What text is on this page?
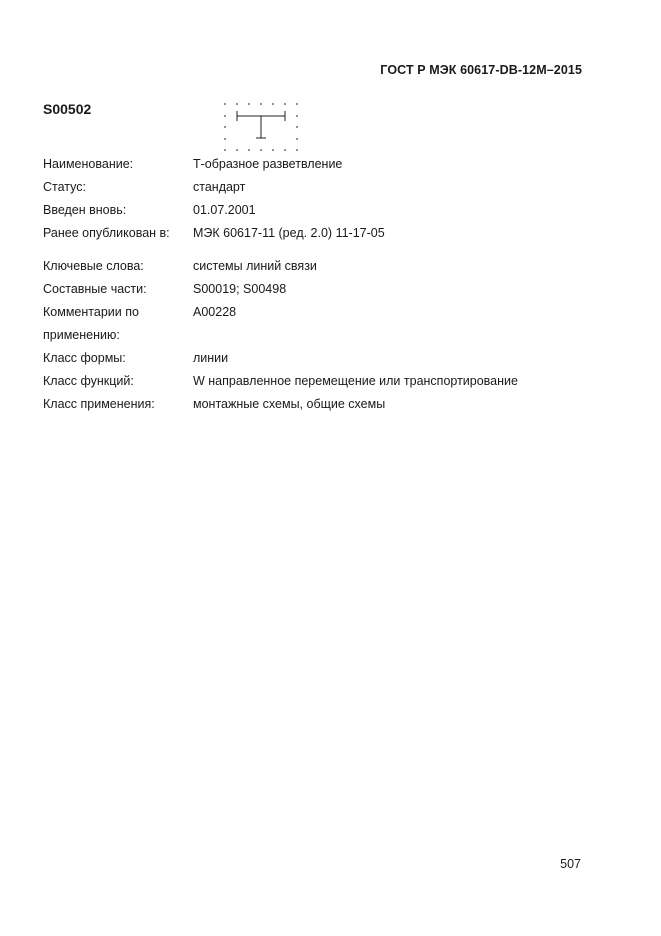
ГОСТ Р МЭК 60617-DB-12M–2015
S00502
Наименование:	Т-образное разветвление
Статус:	стандарт
Введен вновь:	01.07.2001
Ранее опубликован в:	МЭК 60617-11 (ред. 2.0) 11-17-05

Ключевые слова:	системы линий связи
Составные части:	S00019; S00498
Комментарии по	А00228
применению:	
Класс формы:	линии
Класс функций:	W направленное перемещение или транспортирование
Класс применения:	монтажные схемы, общие схемы
507
